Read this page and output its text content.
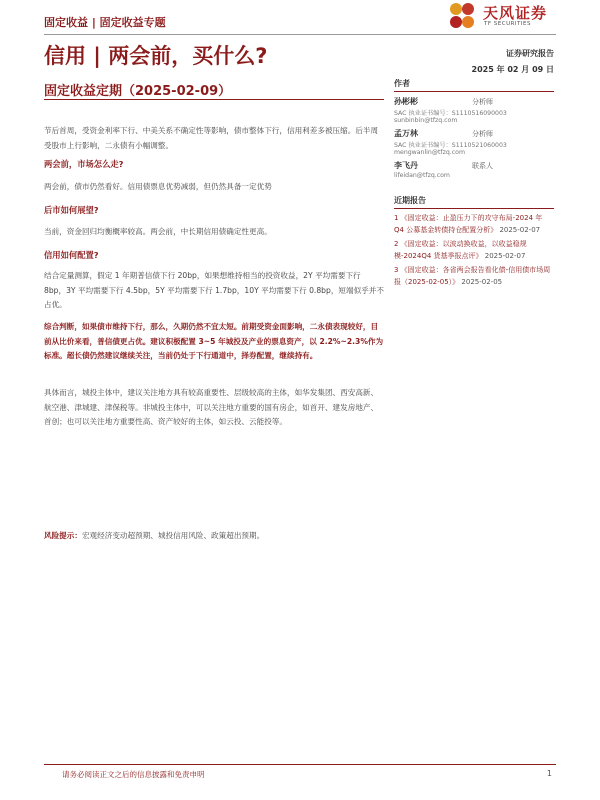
固定收益 | 固定收益专题
天风证券
TF SECURITIES
信用 | 两会前，买什么?	证券研究报告
2025 年 02 月 09 日
固定收益定期（2025-02-09）

节后首周，受资金利率下行、中美关系不确定性等影响，债市整体下行，信用利差多被压缩。后半周受股市上行影响，二永债有小幅调整。

两会前，市场怎么走?

两会前，债市仍然看好。信用债票息优势减弱，但仍然具备一定优势

后市如何展望?

当前，资金回归均衡概率较高。两会前，中长期信用债确定性更高。

信用如何配置?

结合定量测算，假定 1 年期普信债下行 20bp，如果想维持相当的投资收益，2Y 平均需要下行 8bp，3Y 平均需要下行 4.5bp，5Y 平均需要下行 1.7bp，10Y 平均需要下行 0.8bp，短端似乎并不占优。

综合判断，如果债市维持下行，那么，久期仍然不宜太短。前期受资金面影响，二永债表现较好，目前从比价来看，普信债更占优。建议积极配置 3~5 年城投及产业的票息资产，以 2.2%~2.3%作为标准。超长债仍然建议继续关注，当前仍处于下行通道中，择券配置，继续持有。

具体而言，城投主体中，建议关注地方具有较高重要性、层级较高的主体，如华发集团、西安高新、航空港、津城建、津保税等。非城投主体中，可以关注地方重要的国有房企，如首开、建发房地产、首创；也可以关注地方重要性高、资产较好的主体，如云投、云能投等。

风险提示：宏观经济变动超预期、城投信用风险、政策超出预期。

作者

孙彬彬	分析师
SAC 执业证书编号：S1110516090003
sunbinbin@tfzq.com
孟万林	分析师
SAC 执业证书编号：S1110521060003
mengwanlin@tfzq.com
李飞丹	联系人
lifeidan@tfzq.com

近期报告

1 《固定收益：止盈压力下的攻守布局-2024 年 Q4 公募基金转债持仓配置分析》 2025-02-07

2 《固定收益：以波动换收益，以收益稳规模-2024Q4 货基季报点评》 2025-02-07

3 《固定收益：各省两会报告看化债-信用债市场周报（2025-02-05）》 2025-02-05

请务必阅读正文之后的信息披露和免责申明	1
